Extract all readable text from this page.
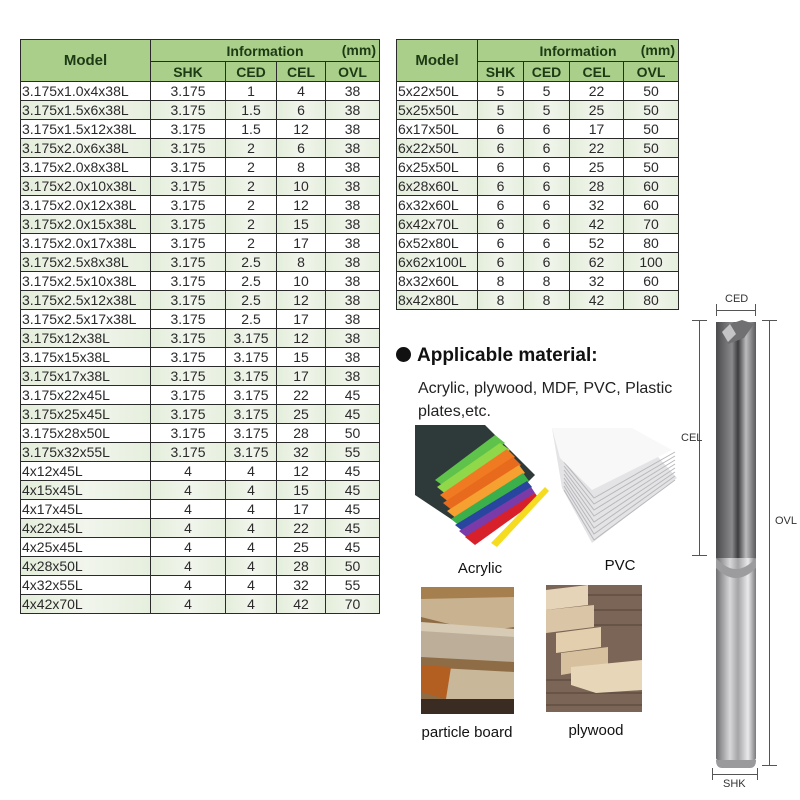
Model	Information (mm)			

	SHK	CED	CEL	OVL
3.175x1.0x4x38L	3.175	1	4	38
3.175x1.5x6x38L	3.175	1.5	6	38
3.175x1.5x12x38L	3.175	1.5	12	38
3.175x2.0x6x38L	3.175	2	6	38
3.175x2.0x8x38L	3.175	2	8	38
3.175x2.0x10x38L	3.175	2	10	38
3.175x2.0x12x38L	3.175	2	12	38
3.175x2.0x15x38L	3.175	2	15	38
3.175x2.0x17x38L	3.175	2	17	38
3.175x2.5x8x38L	3.175	2.5	8	38
3.175x2.5x10x38L	3.175	2.5	10	38
3.175x2.5x12x38L	3.175	2.5	12	38
3.175x2.5x17x38L	3.175	2.5	17	38
3.175x12x38L	3.175	3.175	12	38
3.175x15x38L	3.175	3.175	15	38
3.175x17x38L	3.175	3.175	17	38
3.175x22x45L	3.175	3.175	22	45
3.175x25x45L	3.175	3.175	25	45
3.175x28x50L	3.175	3.175	28	50
3.175x32x55L	3.175	3.175	32	55
4x12x45L	4	4	12	45
4x15x45L	4	4	15	45
4x17x45L	4	4	17	45
4x22x45L	4	4	22	45
4x25x45L	4	4	25	45
4x28x50L	4	4	28	50
4x32x55L	4	4	32	55
4x42x70L	4	4	42	70
Model	Information (mm)			

	SHK	CED	CEL	OVL
5x22x50L	5	5	22	50
5x25x50L	5	5	25	50
6x17x50L	6	6	17	50
6x22x50L	6	6	22	50
6x25x50L	6	6	25	50
6x28x60L	6	6	28	60
6x32x60L	6	6	32	60
6x42x70L	6	6	42	70
6x52x80L	6	6	52	80
6x62x100L	6	6	62	100
8x32x60L	8	8	32	60
8x42x80L	8	8	42	80
Applicable material:
Acrylic, plywood, MDF, PVC, Plastic plates,etc.
Acrylic	PVC
particle board	plywood
CED
CEL
OVL
SHK
